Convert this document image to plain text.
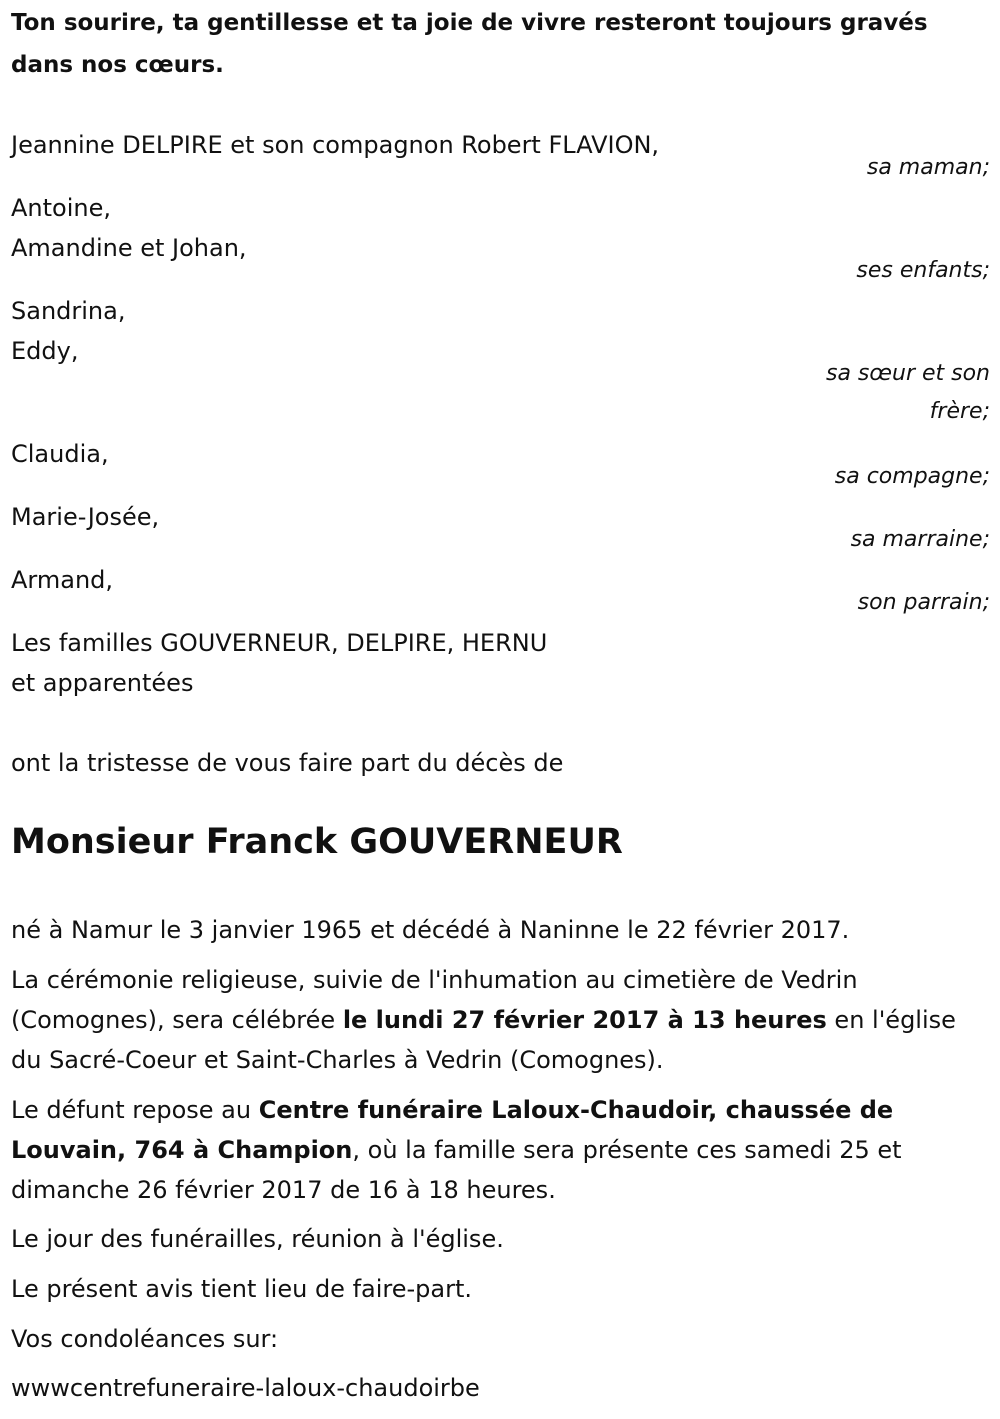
Ton sourire, ta gentillesse et ta joie de vivre resteront toujours gravés
dans nos cœurs.
Jeannine DELPIRE et son compagnon Robert FLAVION,
sa maman;
Antoine,
Amandine et Johan,
ses enfants;
Sandrina,
Eddy,
sa sœur et son
frère;
Claudia,
sa compagne;
Marie-Josée,
sa marraine;
Armand,
son parrain;
Les familles GOUVERNEUR, DELPIRE, HERNU
et apparentées
ont la tristesse de vous faire part du décès de
Monsieur Franck GOUVERNEUR
né à Namur le 3 janvier 1965 et décédé à Naninne le 22 février 2017.
La cérémonie religieuse, suivie de l'inhumation au cimetière de Vedrin (Comognes), sera célébrée le lundi 27 février 2017 à 13 heures en l'église du Sacré-Coeur et Saint-Charles à Vedrin (Comognes).
Le défunt repose au Centre funéraire Laloux-Chaudoir, chaussée de Louvain, 764 à Champion, où la famille sera présente ces samedi 25 et dimanche 26 février 2017 de 16 à 18 heures.
Le jour des funérailles, réunion à l'église.
Le présent avis tient lieu de faire-part.
Vos condoléances sur:
wwwcentrefuneraire-laloux-chaudoirbe
